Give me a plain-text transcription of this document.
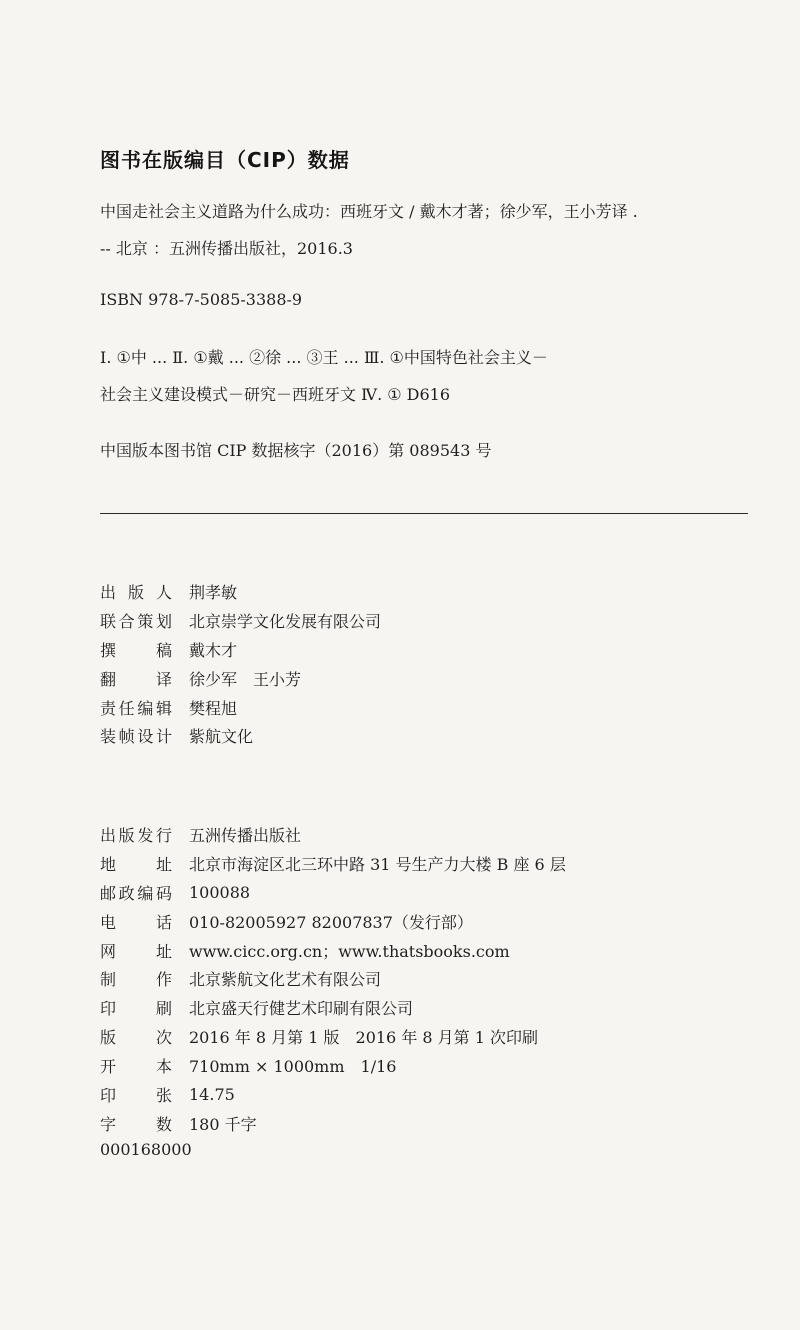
图书在版编目（CIP）数据
中国走社会主义道路为什么成功：西班牙文 / 戴木才著；徐少军，王小芳译 .
-- 北京 ：五洲传播出版社，2016.3
ISBN 978-7-5085-3388-9
Ⅰ. ①中 ... Ⅱ. ①戴 ... ②徐 ... ③王 ... Ⅲ. ①中国特色社会主义－
社会主义建设模式－研究－西班牙文 Ⅳ. ① D616
中国版本图书馆 CIP 数据核字（2016）第 089543 号
出版人 荆孝敏
联合策划 北京崇学文化发展有限公司
撰稿 戴木才
翻译 徐少军　王小芳
责任编辑 樊程旭
装帧设计 紫航文化
出版发行 五洲传播出版社
地址 北京市海淀区北三环中路 31 号生产力大楼 B 座 6 层
邮政编码 100088
电话 010-82005927 82007837（发行部）
网址 www.cicc.org.cn；www.thatsbooks.com
制作 北京紫航文化艺术有限公司
印刷 北京盛天行健艺术印刷有限公司
版次 2016 年 8 月第 1 版　2016 年 8 月第 1 次印刷
开本 710mm × 1000mm　1/16
印张 14.75
字数 180 千字
000168000
